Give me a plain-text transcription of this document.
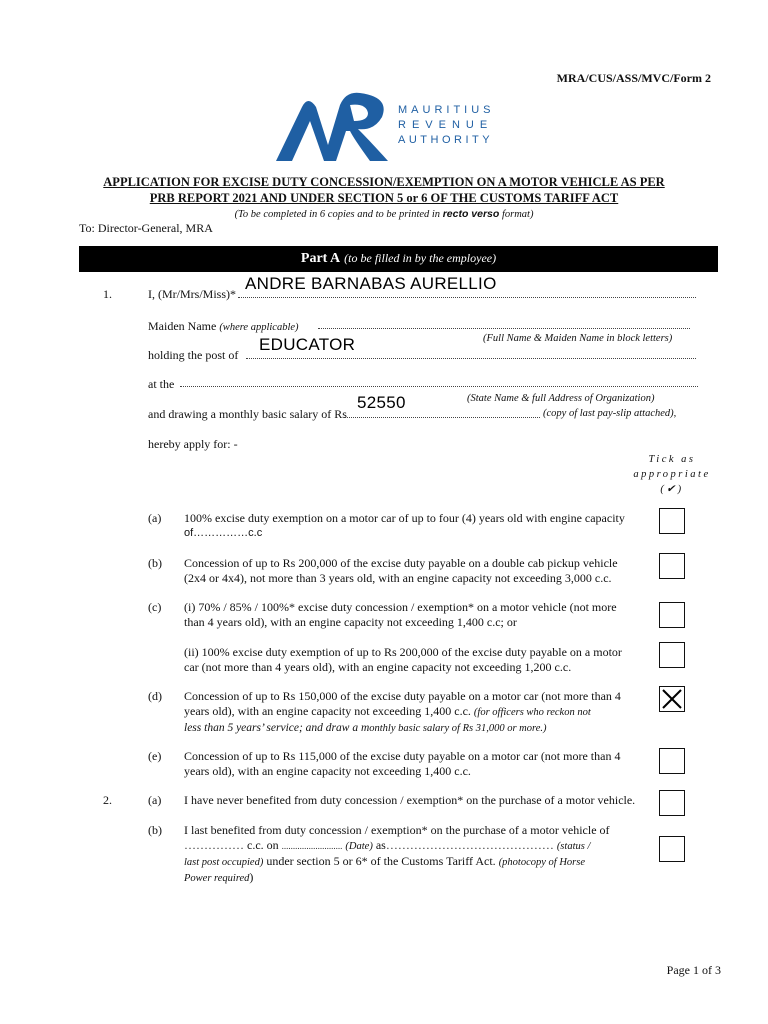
MRA/CUS/ASS/MVC/Form 2
MAURITIUS
REVENUE
AUTHORITY
APPLICATION FOR EXCISE DUTY CONCESSION/EXEMPTION ON A MOTOR VEHICLE AS PER
PRB REPORT 2021 AND UNDER SECTION 5 or 6 OF THE CUSTOMS TARIFF ACT
(To be completed in 6 copies and to be printed in recto verso format)
To: Director-General, MRA
Part A (to be filled in by the employee)
1.	I, (Mr/Mrs/Miss)*
ANDRE BARNABAS AURELLIO
Maiden Name (where applicable)
(Full Name & Maiden Name in block letters)
holding the post of
EDUCATOR
at the
(State Name & full Address of Organization)
and drawing a monthly basic salary of Rs
52550
(copy of last pay-slip attached),
hereby apply for: -
Tick as
appropriate
(✔)
(a) 100% excise duty exemption on a motor car of up to four (4) years old with engine capacity
of……………c.c
(b) Concession of up to Rs 200,000 of the excise duty payable on a double cab pickup vehicle
(2x4 or 4x4), not more than 3 years old, with an engine capacity not exceeding 3,000 c.c.
(c) (i) 70% / 85% / 100%* excise duty concession / exemption* on a motor vehicle (not more
than 4 years old), with an engine capacity not exceeding 1,400 c.c; or
(ii) 100% excise duty exemption of up to Rs 200,000 of the excise duty payable on a motor
car (not more than 4 years old), with an engine capacity not exceeding 1,200 c.c.
(d) Concession of up to Rs 150,000 of the excise duty payable on a motor car (not more than 4
years old), with an engine capacity not exceeding 1,400 c.c. (for officers who reckon not
less than 5 years’ service; and draw a monthly basic salary of Rs 31,000 or more.)
(e) Concession of up to Rs 115,000 of the excise duty payable on a motor car (not more than 4
years old), with an engine capacity not exceeding 1,400 c.c.
2.	(a) I have never benefited from duty concession / exemption* on the purchase of a motor vehicle.
(b) I last benefited from duty concession / exemption* on the purchase of a motor vehicle of
…………… c.c. on ........................... (Date) as…………………………………… (status /
last post occupied) under section 5 or 6* of the Customs Tariff Act. (photocopy of Horse
Power required)
Page 1 of 3
